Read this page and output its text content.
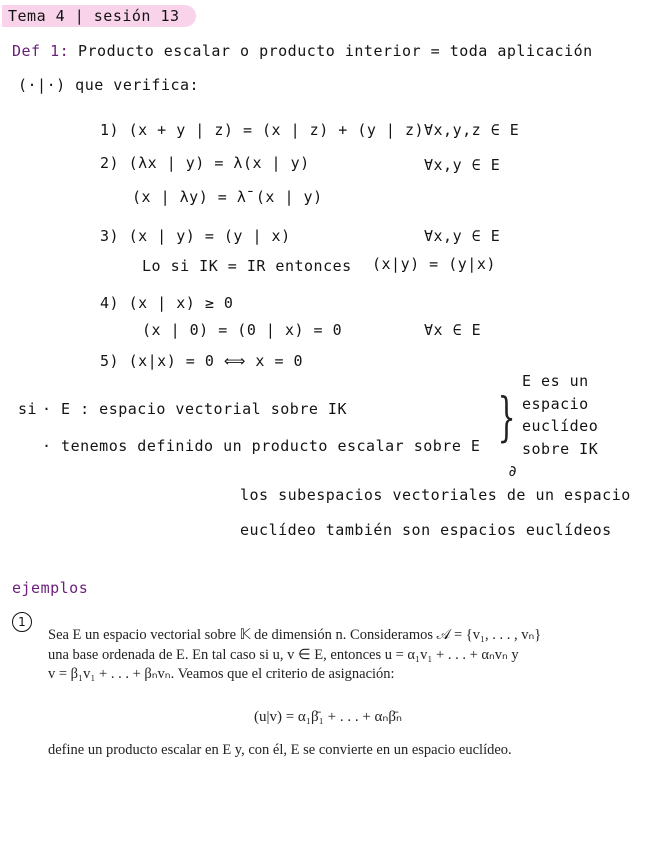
Tema 4 | sesión 13
Def 1: Producto escalar o producto interior = toda aplicación
(·|·) que verifica:
1) (x + y | z) = (x | z) + (y | z) ∀x,y,z ∈ E
2) (λx | y) = λ(x | y)	∀x,y ∈ E
(x | λy) = λ̄ (x | y)
3) (x | y) = (y | x)	∀x,y ∈ E
Lo si IK = IR entonces (x|y) = (y|x)
4) (x | x) ≥ 0
(x | 0) = (0 | x) = 0	∀x ∈ E
5) (x|x) = 0 ⟺ x = 0
si · E : espacio vectorial sobre IK
· tenemos definido un producto escalar sobre E }
E es un
espacio
euclídeo
sobre IK
∂
los subespacios vectoriales de un espacio
euclídeo también son espacios euclídeos
ejemplos
1
Sea E un espacio vectorial sobre 𝕂 de dimensión n. Consideramos 𝒜 = {v₁, . . . , vₙ}
una base ordenada de E. En tal caso si u, v ∈ E, entonces u = α₁v₁ + . . . + αₙvₙ y
v = β₁v₁ + . . . + βₙvₙ. Veamos que el criterio de asignación:
(u|v) = α₁β̄₁ + . . . + αₙβ̄ₙ
define un producto escalar en E y, con él, E se convierte en un espacio euclídeo.
